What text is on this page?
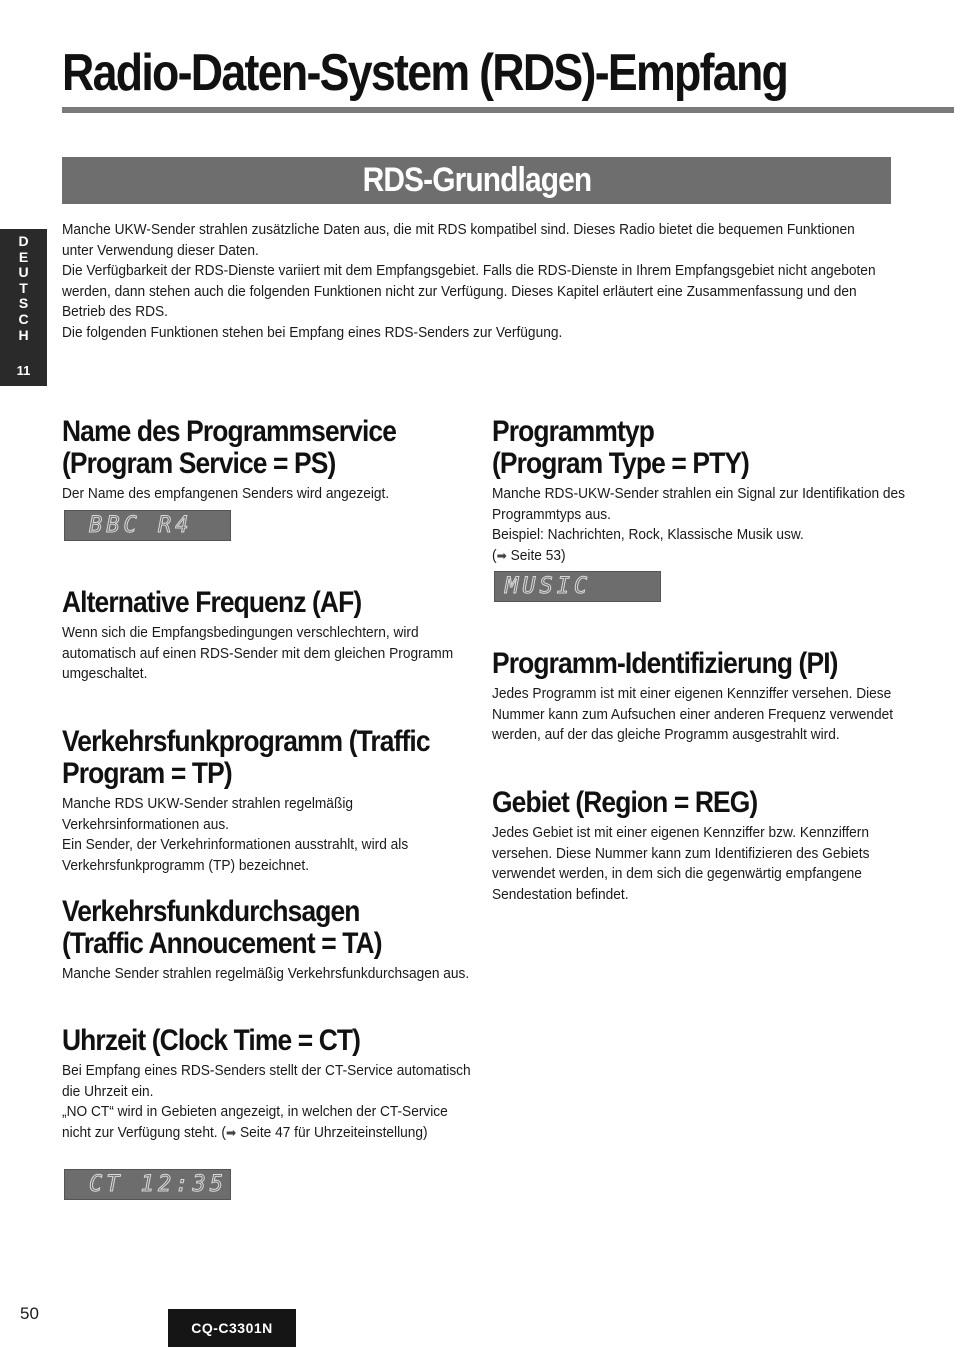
Radio-Daten-System (RDS)-Empfang
RDS-Grundlagen
D
E
U
T
S
C
H
11

Manche UKW-Sender strahlen zusätzliche Daten aus, die mit RDS kompatibel sind. Dieses Radio bietet die bequemen Funktionen unter Verwendung dieser Daten.

Die Verfügbarkeit der RDS-Dienste variiert mit dem Empfangsgebiet. Falls die RDS-Dienste in Ihrem Empfangsgebiet nicht angeboten werden, dann stehen auch die folgenden Funktionen nicht zur Verfügung. Dieses Kapitel erläutert eine Zusammenfassung und den Betrieb des RDS.

Die folgenden Funktionen stehen bei Empfang eines RDS-Senders zur Verfügung.

Name des Programmservice
(Program Service = PS)

Der Name des empfangenen Senders wird angezeigt.

BBC R4
Alternative Frequenz (AF)

Wenn sich die Empfangsbedingungen verschlechtern, wird automatisch auf einen RDS-Sender mit dem gleichen Programm umgeschaltet.

Verkehrsfunkprogramm (Traffic
Program = TP)

Manche RDS UKW-Sender strahlen regelmäßig Verkehrsinformationen aus.

Ein Sender, der Verkehrinformationen ausstrahlt, wird als Verkehrsfunkprogramm (TP) bezeichnet.

Verkehrsfunkdurchsagen
(Traffic Annoucement = TA)

Manche Sender strahlen regelmäßig Verkehrsfunkdurchsagen aus.

Uhrzeit (Clock Time = CT)

Bei Empfang eines RDS-Senders stellt der CT-Service automatisch die Uhrzeit ein.

„NO CT“ wird in Gebieten angezeigt, in welchen der CT-Service nicht zur Verfügung steht. (➡ Seite 47 für Uhrzeiteinstellung)

CT 12:35
Programmtyp
(Program Type = PTY)

Manche RDS-UKW-Sender strahlen ein Signal zur Identifikation des Programmtyps aus.

Beispiel: Nachrichten, Rock, Klassische Musik usw.

(➡ Seite 53)

MUSIC
Programm-Identifizierung (PI)

Jedes Programm ist mit einer eigenen Kennziffer versehen. Diese Nummer kann zum Aufsuchen einer anderen Frequenz verwendet werden, auf der das gleiche Programm ausgestrahlt wird.

Gebiet (Region = REG)

Jedes Gebiet ist mit einer eigenen Kennziffer bzw. Kennziffern versehen. Diese Nummer kann zum Identifizieren des Gebiets verwendet werden, in dem sich die gegenwärtig empfangene Sendestation befindet.

50
CQ-C3301N
